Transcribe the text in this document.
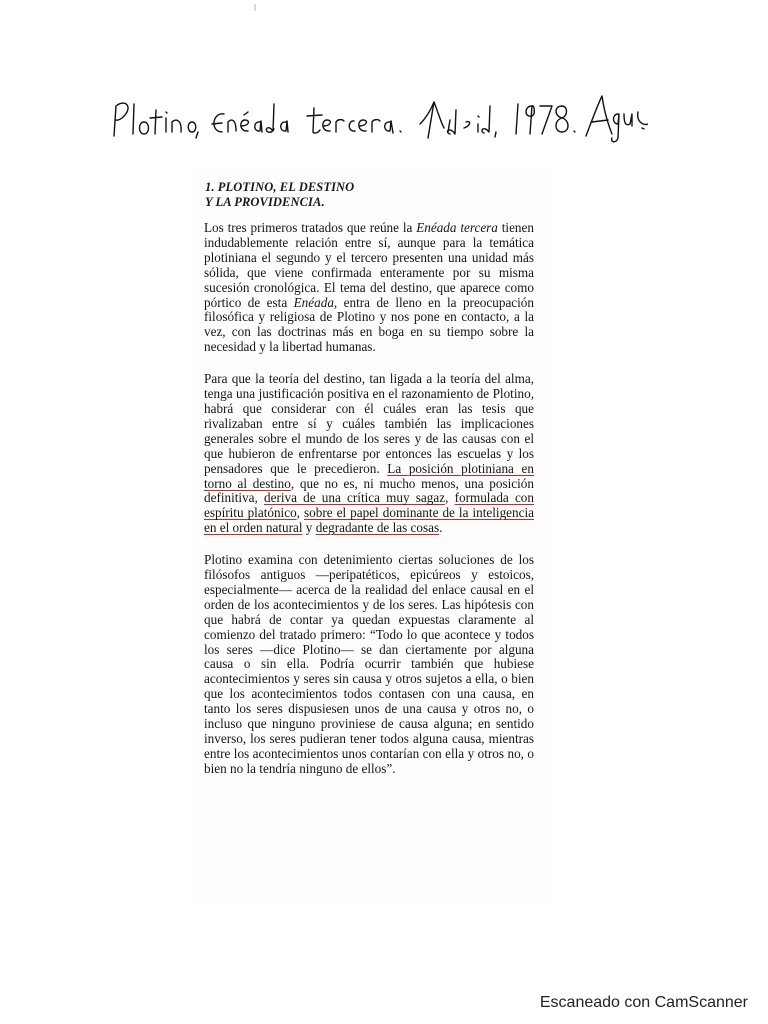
1. PLOTINO, EL DESTINO
Y LA PROVIDENCIA.

Los tres primeros tratados que reúne la Enéada tercera tienen indudablemente relación entre sí, aunque para la temática plotiniana el segundo y el tercero presenten una unidad más sólida, que viene confirmada enteramente por su misma sucesión cronológica. El tema del destino, que aparece como pórtico de esta Enéada, entra de lleno en la preocupación filosófica y religiosa de Plotino y nos pone en contacto, a la vez, con las doctrinas más en boga en su tiempo sobre la necesidad y la libertad humanas.

Para que la teoría del destino, tan ligada a la teoría del alma, tenga una justificación positiva en el razonamiento de Plotino, habrá que considerar con él cuáles eran las tesis que rivalizaban entre sí y cuáles también las implicaciones generales sobre el mundo de los seres y de las causas con el que hubieron de enfrentarse por entonces las escuelas y los pensadores que le precedieron. La posición plotiniana en torno al destino, que no es, ni mucho menos, una posición definitiva, deriva de una crítica muy sagaz, formulada con espíritu platónico, sobre el papel dominante de la inteligencia en el orden natural y degradante de las cosas.

Plotino examina con detenimiento ciertas soluciones de los filósofos antiguos —peripatéticos, epicúreos y estoicos, especialmente— acerca de la realidad del enlace causal en el orden de los acontecimientos y de los seres. Las hipótesis con que habrá de contar ya quedan expuestas claramente al comienzo del tratado primero: “Todo lo que acontece y todos los seres —dice Plotino— se dan ciertamente por alguna causa o sin ella. Podría ocurrir también que hubiese acontecimientos y seres sin causa y otros sujetos a ella, o bien que los acontecimientos todos contasen con una causa, en tanto los seres dispusiesen unos de una causa y otros no, o incluso que ninguno proviniese de causa alguna; en sentido inverso, los seres pudieran tener todos alguna causa, mientras entre los acontecimientos unos contarían con ella y otros no, o bien no la tendría ninguno de ellos”.

Escaneado con CamScanner
